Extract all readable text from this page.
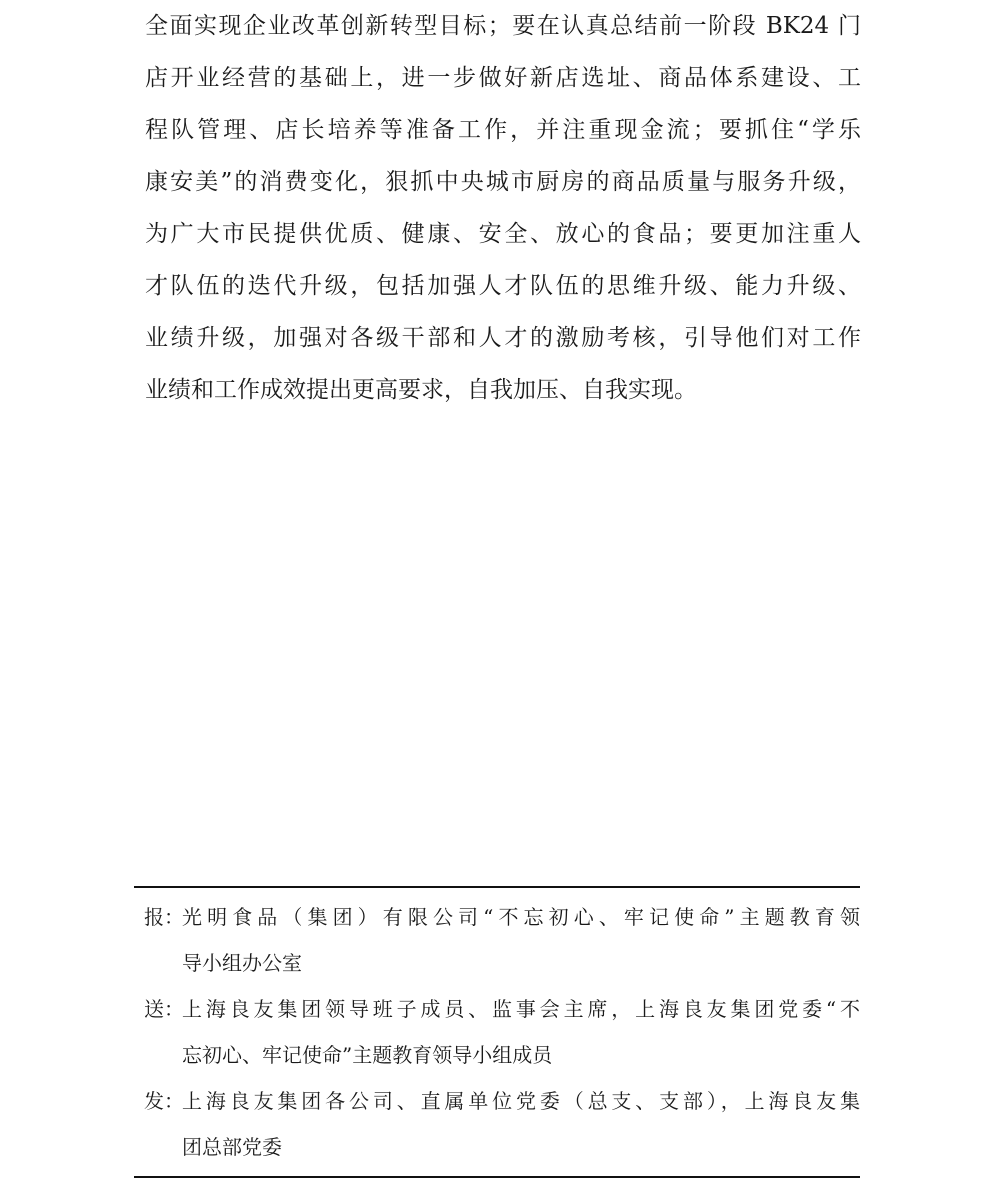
全面实现企业改革创新转型目标；要在认真总结前一阶段 BK24 门
店开业经营的基础上，进一步做好新店选址、商品体系建设、工
程队管理、店长培养等准备工作，并注重现金流；要抓住“学乐
康安美”的消费变化，狠抓中央城市厨房的商品质量与服务升级，
为广大市民提供优质、健康、安全、放心的食品；要更加注重人
才队伍的迭代升级，包括加强人才队伍的思维升级、能力升级、
业绩升级，加强对各级干部和人才的激励考核，引导他们对工作
业绩和工作成效提出更高要求，自我加压、自我实现。
报：
光明食品（集团）有限公司“不忘初心、牢记使命”主题教育领
导小组办公室
送：
上海良友集团领导班子成员、监事会主席，上海良友集团党委“不
忘初心、牢记使命”主题教育领导小组成员
发：
上海良友集团各公司、直属单位党委（总支、支部），上海良友集
团总部党委
